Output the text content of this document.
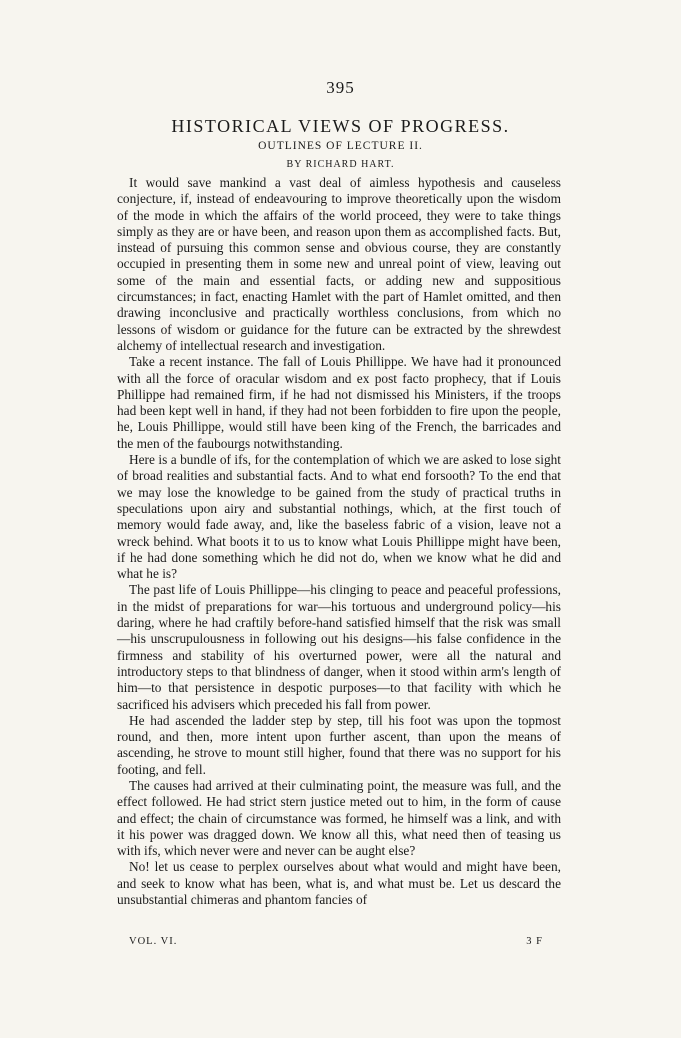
395
HISTORICAL VIEWS OF PROGRESS.
OUTLINES OF LECTURE II.
BY RICHARD HART.

It would save mankind a vast deal of aimless hypothesis and causeless conjecture, if, instead of endeavouring to improve theoretically upon the wisdom of the mode in which the affairs of the world proceed, they were to take things simply as they are or have been, and reason upon them as accomplished facts. But, instead of pursuing this common sense and obvious course, they are constantly occupied in presenting them in some new and unreal point of view, leaving out some of the main and essential facts, or adding new and suppositious circumstances; in fact, enacting Hamlet with the part of Hamlet omitted, and then drawing inconclusive and practically worthless conclusions, from which no lessons of wisdom or guidance for the future can be extracted by the shrewdest alchemy of intellectual research and investigation.

Take a recent instance. The fall of Louis Phillippe. We have had it pronounced with all the force of oracular wisdom and ex post facto prophecy, that if Louis Phillippe had remained firm, if he had not dismissed his Ministers, if the troops had been kept well in hand, if they had not been forbidden to fire upon the people, he, Louis Phillippe, would still have been king of the French, the barricades and the men of the faubourgs notwithstanding.

Here is a bundle of ifs, for the contemplation of which we are asked to lose sight of broad realities and substantial facts. And to what end forsooth? To the end that we may lose the knowledge to be gained from the study of practical truths in speculations upon airy and substantial nothings, which, at the first touch of memory would fade away, and, like the baseless fabric of a vision, leave not a wreck behind. What boots it to us to know what Louis Phillippe might have been, if he had done something which he did not do, when we know what he did and what he is?

The past life of Louis Phillippe—his clinging to peace and peaceful professions, in the midst of preparations for war—his tortuous and underground policy—his daring, where he had craftily before-hand satisfied himself that the risk was small—his unscrupulousness in following out his designs—his false confidence in the firmness and stability of his overturned power, were all the natural and introductory steps to that blindness of danger, when it stood within arm's length of him—to that persistence in despotic purposes—to that facility with which he sacrificed his advisers which preceded his fall from power.

He had ascended the ladder step by step, till his foot was upon the topmost round, and then, more intent upon further ascent, than upon the means of ascending, he strove to mount still higher, found that there was no support for his footing, and fell.

The causes had arrived at their culminating point, the measure was full, and the effect followed. He had strict stern justice meted out to him, in the form of cause and effect; the chain of circumstance was formed, he himself was a link, and with it his power was dragged down. We know all this, what need then of teasing us with ifs, which never were and never can be aught else?

No! let us cease to perplex ourselves about what would and might have been, and seek to know what has been, what is, and what must be. Let us descard the unsubstantial chimeras and phantom fancies of

VOL. VI.	3 F
